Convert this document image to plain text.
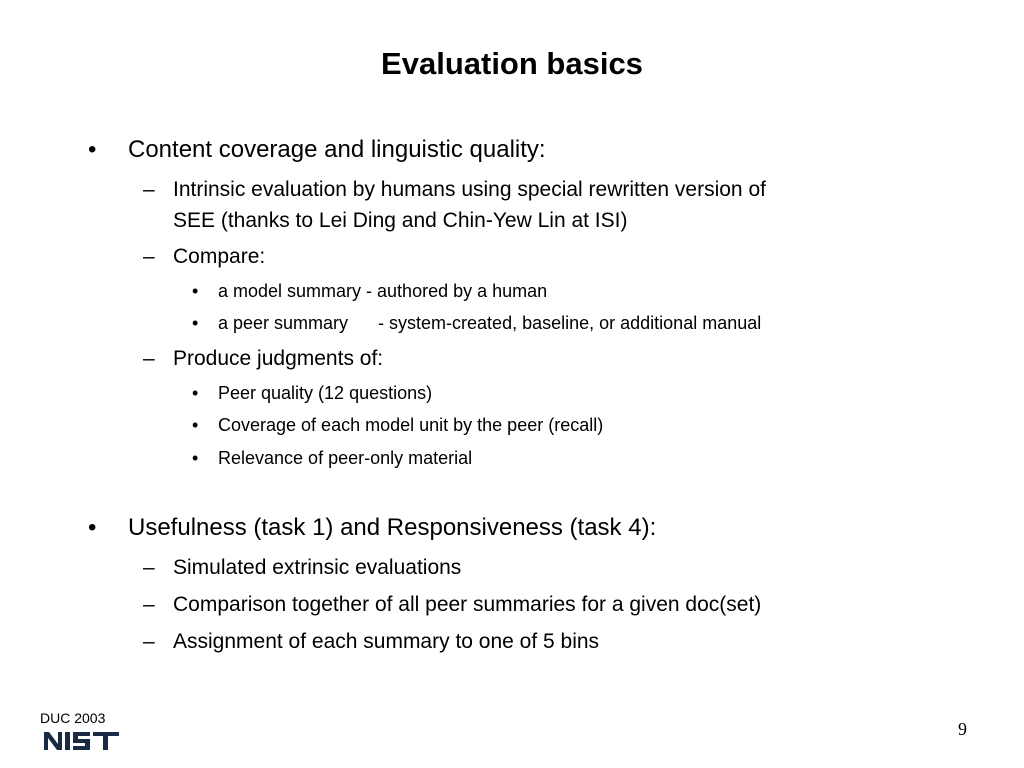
Evaluation basics
• Content coverage and linguistic quality:
– Intrinsic evaluation by humans using special rewritten version of
SEE (thanks to Lei Ding and Chin-Yew Lin at ISI)
– Compare:
• a model summary - authored by a human
• a peer summary      - system-created, baseline, or additional manual
– Produce judgments of:
• Peer quality (12 questions)
• Coverage of each model unit by the peer (recall)
• Relevance of peer-only material
• Usefulness (task 1) and Responsiveness (task 4):
– Simulated extrinsic evaluations
– Comparison together of all peer summaries for a given doc(set)
– Assignment of each summary to one of 5 bins
DUC 2003
9
